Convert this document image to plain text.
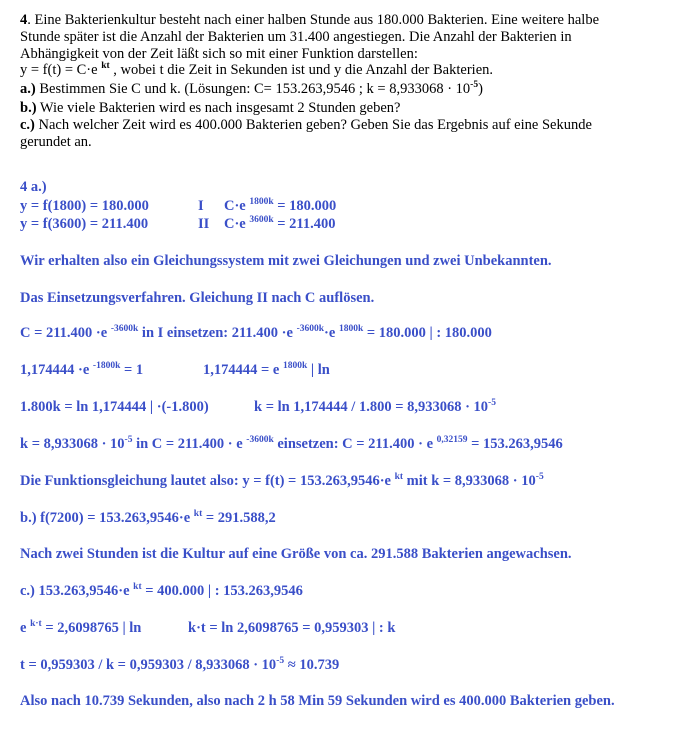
4. Eine Bakterienkultur besteht nach einer halben Stunde aus 180.000 Bakterien. Eine weitere halbe
Stunde später ist die Anzahl der Bakterien um 31.400 angestiegen. Die Anzahl der Bakterien in
Abhängigkeit von der Zeit läßt sich so mit einer Funktion darstellen:
y = f(t) = C·e $^{kt}$ , wobei t die Zeit in Sekunden ist und y die Anzahl der Bakterien.
a.) Bestimmen Sie C und k. (Lösungen: C= 153.263,9546 ; $k = 8,933068 \cdot 10^{-5}$)
b.) Wie viele Bakterien wird es nach insgesamt 2 Stunden geben?
c.) Nach welcher Zeit wird es 400.000 Bakterien geben? Geben Sie das Ergebnis auf eine Sekunde
gerundet an.
4 a.)
y = f(1800) = 180.000	I C·e $^{1800k}$ = 180.000
y = f(3600) = 211.400	II C·e $^{3600k}$ = 211.400
Wir erhalten also ein Gleichungssystem mit zwei Gleichungen und zwei Unbekannten.
Das Einsetzungsverfahren. Gleichung II nach C auflösen.
C = 211.400 ·e $^{-3600k}$ in I einsetzen: 211.400 ·e $^{-3600k}$·e $^{1800k}$ = 180.000 | : 180.000
1,174444 ·e $^{-1800k}$ = 1	1,174444 = e $^{1800k}$ | ln
1.800k = ln 1,174444 | ·(-1.800)	$k = \ln 1,174444 / 1.800 = 8,933068 \cdot 10^{-5}$
$k = 8,933068 \cdot 10^{-5}$ in C = 211.400 · e $^{-3600k}$ einsetzen: C = 211.400 · e $^{0,32159}$ = 153.263,9546
Die Funktionsgleichung lautet also: y = f(t) = 153.263,9546·e $^{kt}$ mit $k = 8,933068 \cdot 10^{-5}$
b.) f(7200) = 153.263,9546·e $^{kt}$ = 291.588,2
Nach zwei Stunden ist die Kultur auf eine Größe von ca. 291.588 Bakterien angewachsen.
c.) 153.263,9546·e $^{kt}$ = 400.000 | : 153.263,9546
e $^{k\cdot t}$ = 2,6098765 | ln	k·t = ln 2,6098765 = 0,959303 | : k
$t = 0,959303 / k = 0,959303 / 8,933068 \cdot 10^{-5} \approx 10.739$
Also nach 10.739 Sekunden, also nach 2 h 58 Min 59 Sekunden wird es 400.000 Bakterien geben.
